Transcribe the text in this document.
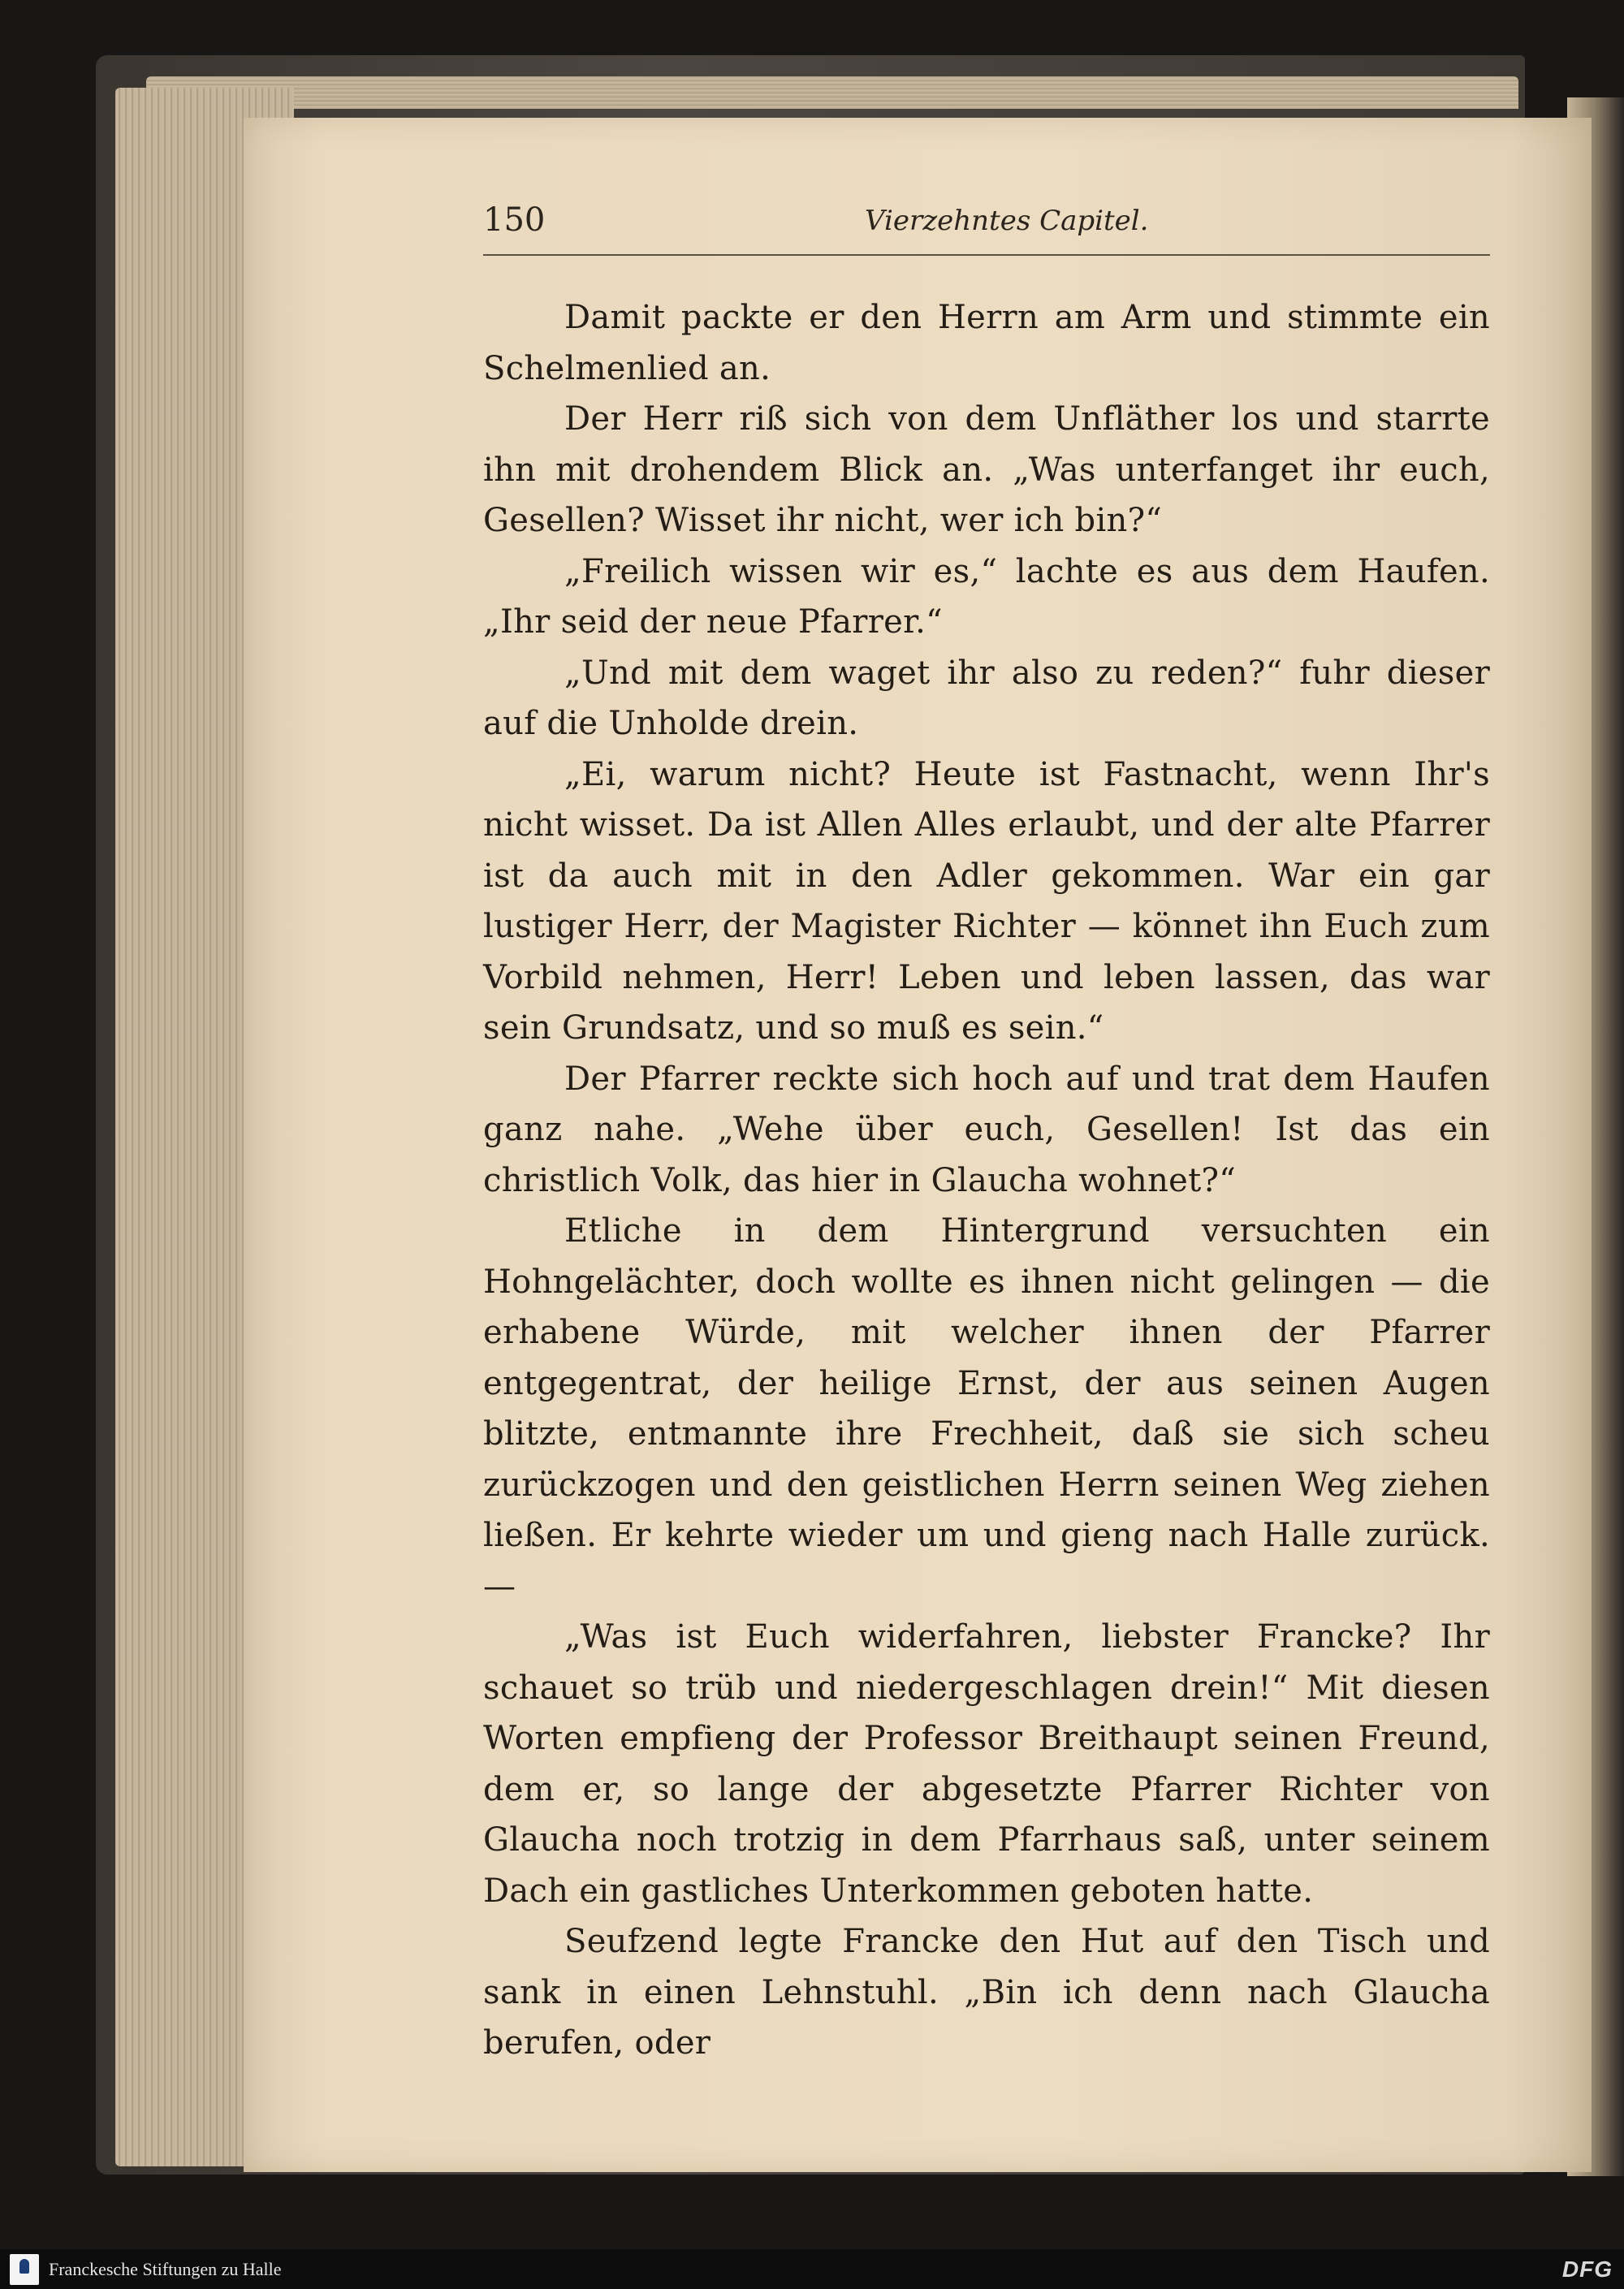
150	Vierzehntes Capitel.

Damit packte er den Herrn am Arm und stimmte ein Schelmenlied an.

Der Herr riß sich von dem Unfläther los und starrte ihn mit drohendem Blick an. „Was unterfanget ihr euch, Gesellen? Wisset ihr nicht, wer ich bin?“

„Freilich wissen wir es,“ lachte es aus dem Haufen. „Ihr seid der neue Pfarrer.“

„Und mit dem waget ihr also zu reden?“ fuhr dieser auf die Unholde drein.

„Ei, warum nicht? Heute ist Fastnacht, wenn Ihr's nicht wisset. Da ist Allen Alles erlaubt, und der alte Pfarrer ist da auch mit in den Adler gekommen. War ein gar lustiger Herr, der Magister Richter — könnet ihn Euch zum Vorbild nehmen, Herr! Leben und leben lassen, das war sein Grundsatz, und so muß es sein.“

Der Pfarrer reckte sich hoch auf und trat dem Haufen ganz nahe. „Wehe über euch, Gesellen! Ist das ein christlich Volk, das hier in Glaucha wohnet?“

Etliche in dem Hintergrund versuchten ein Hohngelächter, doch wollte es ihnen nicht gelingen — die erhabene Würde, mit welcher ihnen der Pfarrer entgegentrat, der heilige Ernst, der aus seinen Augen blitzte, entmannte ihre Frechheit, daß sie sich scheu zurückzogen und den geistlichen Herrn seinen Weg ziehen ließen. Er kehrte wieder um und gieng nach Halle zurück. —

„Was ist Euch widerfahren, liebster Francke? Ihr schauet so trüb und niedergeschlagen drein!“ Mit diesen Worten empfieng der Professor Breithaupt seinen Freund, dem er, so lange der abgesetzte Pfarrer Richter von Glaucha noch trotzig in dem Pfarrhaus saß, unter seinem Dach ein gastliches Unterkommen geboten hatte.

Seufzend legte Francke den Hut auf den Tisch und sank in einen Lehnstuhl. „Bin ich denn nach Glaucha berufen, oder

Franckesche Stiftungen zu Halle	DFG
